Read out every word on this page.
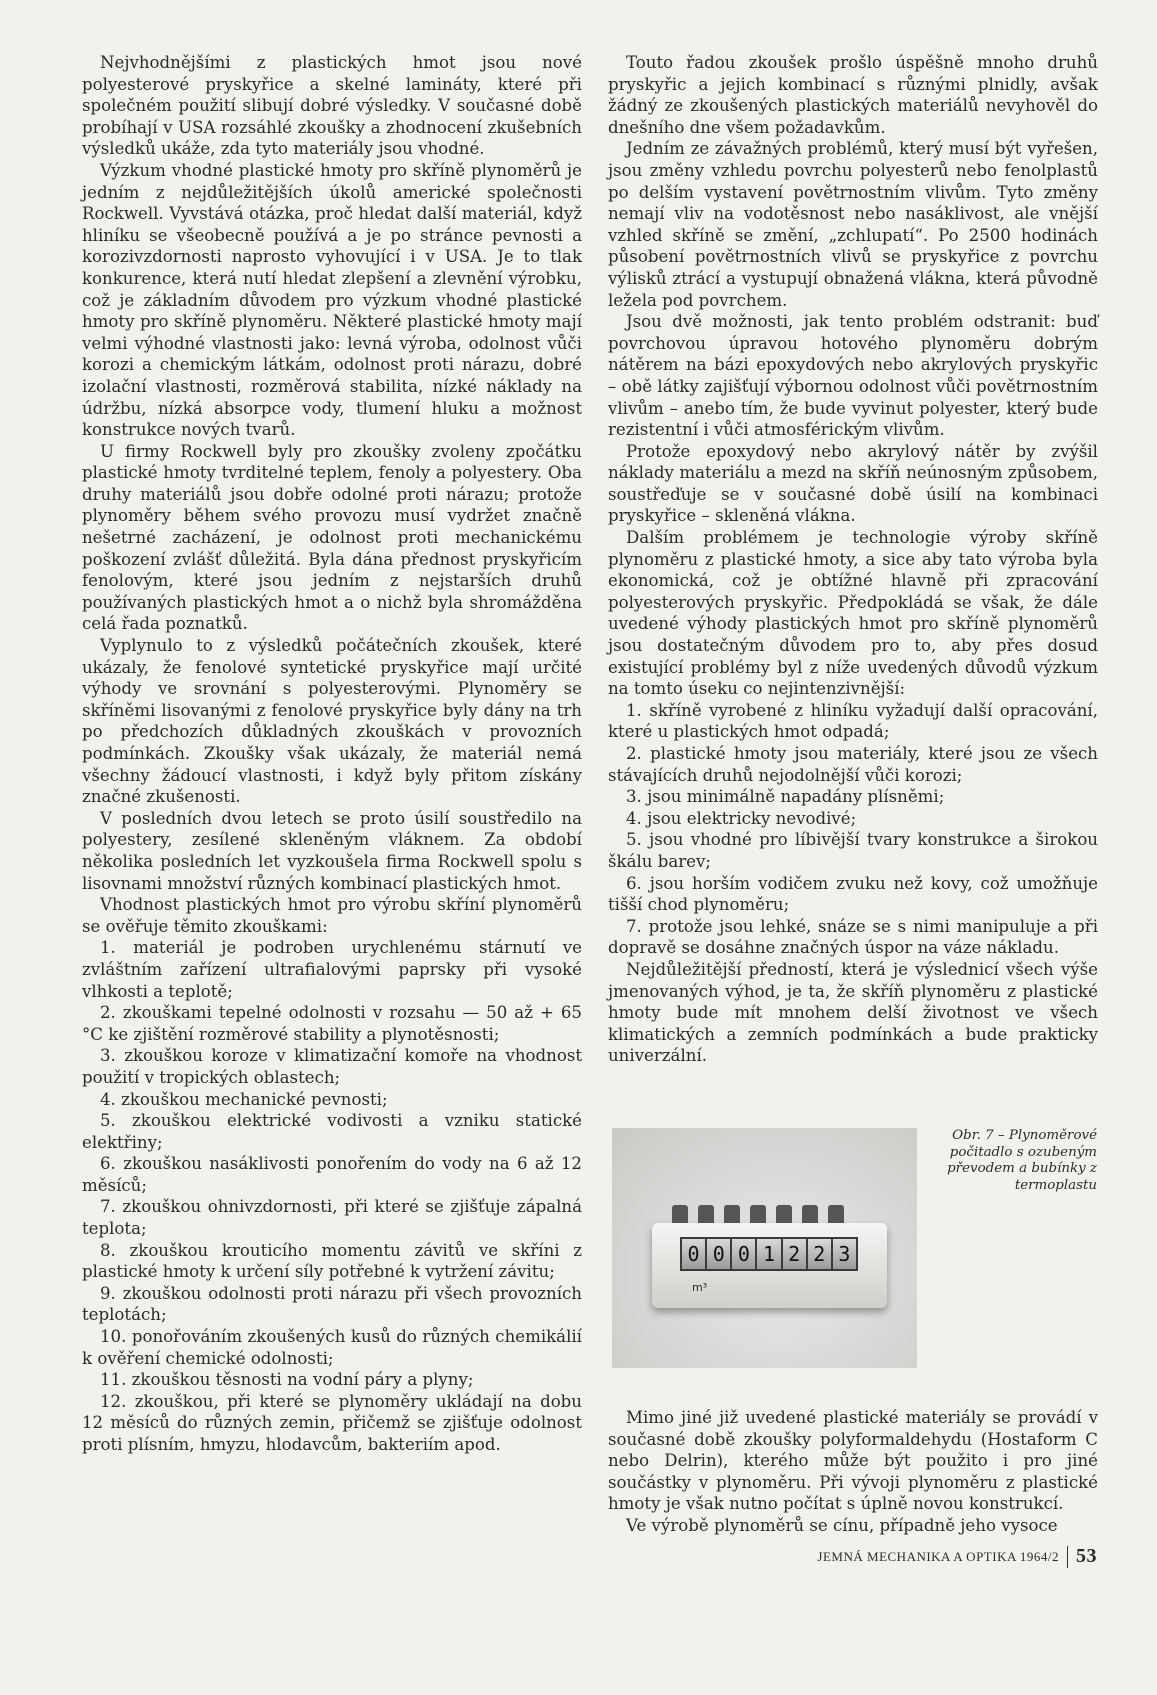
Nejvhodnějšími z plastických hmot jsou nové polyesterové pryskyřice a skelné lamináty, které při společném použití slibují dobré výsledky. V současné době probíhají v USA rozsáhlé zkoušky a zhodnocení zkušebních výsledků ukáže, zda tyto materiály jsou vhodné.

Výzkum vhodné plastické hmoty pro skříně plynoměrů je jedním z nejdůležitějších úkolů americké společnosti Rockwell. Vyvstává otázka, proč hledat další materiál, když hliníku se všeobecně používá a je po stránce pevnosti a korozivzdornosti naprosto vyhovující i v USA. Je to tlak konkurence, která nutí hledat zlepšení a zlevnění výrobku, což je základním důvodem pro výzkum vhodné plastické hmoty pro skříně plynoměru. Některé plastické hmoty mají velmi výhodné vlastnosti jako: levná výroba, odolnost vůči korozi a chemickým látkám, odolnost proti nárazu, dobré izolační vlastnosti, rozměrová stabilita, nízké náklady na údržbu, nízká absorpce vody, tlumení hluku a možnost konstrukce nových tvarů.

U firmy Rockwell byly pro zkoušky zvoleny zpočátku plastické hmoty tvrditelné teplem, fenoly a polyestery. Oba druhy materiálů jsou dobře odolné proti nárazu; protože plynoměry během svého provozu musí vydržet značně nešetrné zacházení, je odolnost proti mechanickému poškození zvlášť důležitá. Byla dána přednost pryskyřicím fenolovým, které jsou jedním z nejstarších druhů používaných plastických hmot a o nichž byla shromážděna celá řada poznatků.

Vyplynulo to z výsledků počátečních zkoušek, které ukázaly, že fenolové syntetické pryskyřice mají určité výhody ve srovnání s polyesterovými. Plynoměry se skříněmi lisovanými z fenolové pryskyřice byly dány na trh po předchozích důkladných zkouškách v provozních podmínkách. Zkoušky však ukázaly, že materiál nemá všechny žádoucí vlastnosti, i když byly přitom získány značné zkušenosti.

V posledních dvou letech se proto úsilí soustředilo na polyestery, zesílené skleněným vláknem. Za období několika posledních let vyzkoušela firma Rockwell spolu s lisovnami množství různých kombinací plastických hmot.

Vhodnost plastických hmot pro výrobu skříní plynoměrů se ověřuje těmito zkouškami:

1. materiál je podroben urychlenému stárnutí ve zvláštním zařízení ultrafialovými paprsky při vysoké vlhkosti a teplotě;

2. zkouškami tepelné odolnosti v rozsahu — 50 až + 65 °C ke zjištění rozměrové stability a plynotěsnosti;

3. zkouškou koroze v klimatizační komoře na vhodnost použití v tropických oblastech;

4. zkouškou mechanické pevnosti;

5. zkouškou elektrické vodivosti a vzniku statické elektřiny;

6. zkouškou nasáklivosti ponořením do vody na 6 až 12 měsíců;

7. zkouškou ohnivzdornosti, při které se zjišťuje zápalná teplota;

8. zkouškou krouticího momentu závitů ve skříni z plastické hmoty k určení síly potřebné k vytržení závitu;

9. zkouškou odolnosti proti nárazu při všech provozních teplotách;

10. ponořováním zkoušených kusů do různých chemikálií k ověření chemické odolnosti;

11. zkouškou těsnosti na vodní páry a plyny;

12. zkouškou, při které se plynoměry ukládají na dobu 12 měsíců do různých zemin, přičemž se zjišťuje odolnost proti plísním, hmyzu, hlodavcům, bakteriím apod.

Touto řadou zkoušek prošlo úspěšně mnoho druhů pryskyřic a jejich kombinací s různými plnidly, avšak žádný ze zkoušených plastických materiálů nevyhověl do dnešního dne všem požadavkům.

Jedním ze závažných problémů, který musí být vyřešen, jsou změny vzhledu povrchu polyesterů nebo fenolplastů po delším vystavení povětrnostním vlivům. Tyto změny nemají vliv na vodotěsnost nebo nasáklivost, ale vnější vzhled skříně se změní, „zchlupatí“. Po 2500 hodinách působení povětrnostních vlivů se pryskyřice z povrchu výlisků ztrácí a vystupují obnažená vlákna, která původně ležela pod povrchem.

Jsou dvě možnosti, jak tento problém odstranit: buď povrchovou úpravou hotového plynoměru dobrým nátěrem na bázi epoxydových nebo akrylových pryskyřic – obě látky zajišťují výbornou odolnost vůči povětrnostním vlivům – anebo tím, že bude vyvinut polyester, který bude rezistentní i vůči atmosférickým vlivům.

Protože epoxydový nebo akrylový nátěr by zvýšil náklady materiálu a mezd na skříň neúnosným způsobem, soustřeďuje se v současné době úsilí na kombinaci pryskyřice – skleněná vlákna.

Dalším problémem je technologie výroby skříně plynoměru z plastické hmoty, a sice aby tato výroba byla ekonomická, což je obtížné hlavně při zpracování polyesterových pryskyřic. Předpokládá se však, že dále uvedené výhody plastických hmot pro skříně plynoměrů jsou dostatečným důvodem pro to, aby přes dosud existující problémy byl z níže uvedených důvodů výzkum na tomto úseku co nejintenzivnější:

1. skříně vyrobené z hliníku vyžadují další opracování, které u plastických hmot odpadá;

2. plastické hmoty jsou materiály, které jsou ze všech stávajících druhů nejodolnější vůči korozi;

3. jsou minimálně napadány plísněmi;

4. jsou elektricky nevodivé;

5. jsou vhodné pro líbivější tvary konstrukce a širokou škálu barev;

6. jsou horším vodičem zvuku než kovy, což umožňuje tišší chod plynoměru;

7. protože jsou lehké, snáze se s nimi manipuluje a při dopravě se dosáhne značných úspor na váze nákladu.

Nejdůležitější předností, která je výslednicí všech výše jmenovaných výhod, je ta, že skříň plynoměru z plastické hmoty bude mít mnohem delší životnost ve všech klimatických a zemních podmínkách a bude prakticky univerzální.

0 0 0 1 2 2 3
m³
Obr. 7 – Plynoměrové počitadlo s ozubeným převodem a bubínky z termoplastu

Mimo jiné již uvedené plastické materiály se provádí v současné době zkoušky polyformaldehydu (Hostaform C nebo Delrin), kterého může být použito i pro jiné součástky v plynoměru. Při vývoji plynoměru z plastické hmoty je však nutno počítat s úplně novou konstrukcí.

Ve výrobě plynoměrů se cínu, případně jeho vysoce

JEMNÁ MECHANIKA A OPTIKA 1964/2 53
